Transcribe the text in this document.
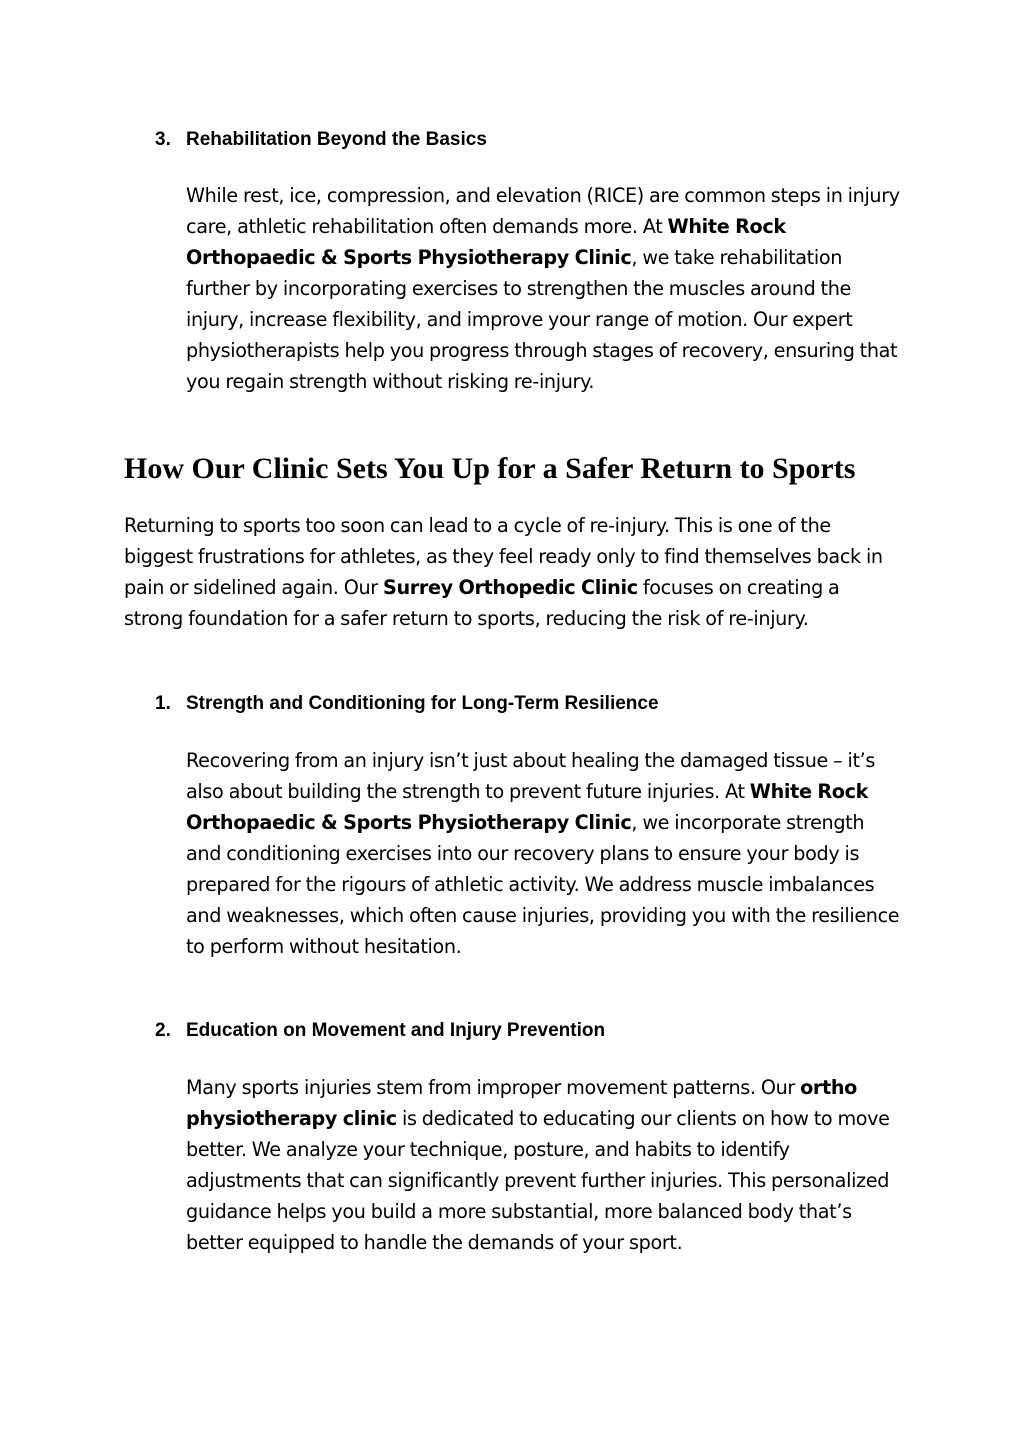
3. Rehabilitation Beyond the Basics

While rest, ice, compression, and elevation (RICE) are common steps in injury care, athletic rehabilitation often demands more. At White Rock Orthopaedic & Sports Physiotherapy Clinic, we take rehabilitation further by incorporating exercises to strengthen the muscles around the injury, increase flexibility, and improve your range of motion. Our expert physiotherapists help you progress through stages of recovery, ensuring that you regain strength without risking re-injury.

How Our Clinic Sets You Up for a Safer Return to Sports

Returning to sports too soon can lead to a cycle of re-injury. This is one of the biggest frustrations for athletes, as they feel ready only to find themselves back in pain or sidelined again. Our Surrey Orthopedic Clinic focuses on creating a strong foundation for a safer return to sports, reducing the risk of re-injury.

1. Strength and Conditioning for Long-Term Resilience

Recovering from an injury isn’t just about healing the damaged tissue – it’s also about building the strength to prevent future injuries. At White Rock Orthopaedic & Sports Physiotherapy Clinic, we incorporate strength and conditioning exercises into our recovery plans to ensure your body is prepared for the rigours of athletic activity. We address muscle imbalances and weaknesses, which often cause injuries, providing you with the resilience to perform without hesitation.

2. Education on Movement and Injury Prevention

Many sports injuries stem from improper movement patterns. Our ortho physiotherapy clinic is dedicated to educating our clients on how to move better. We analyze your technique, posture, and habits to identify adjustments that can significantly prevent further injuries. This personalized guidance helps you build a more substantial, more balanced body that’s better equipped to handle the demands of your sport.
